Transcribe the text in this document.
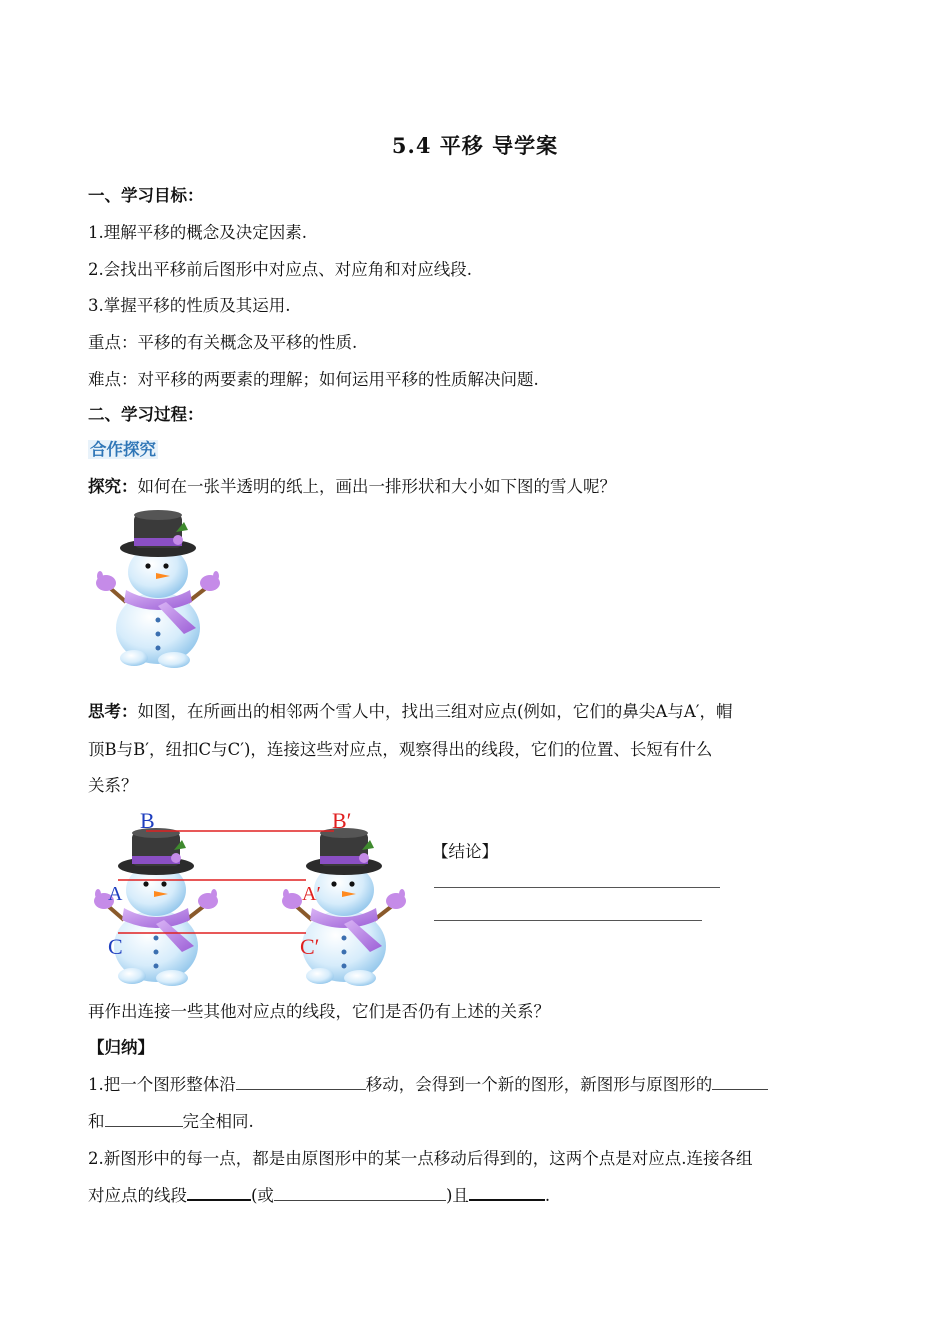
5.4 平移 导学案
一、学习目标：
1.理解平移的概念及决定因素.
2.会找出平移前后图形中对应点、对应角和对应线段.
3.掌握平移的性质及其运用.
重点：平移的有关概念及平移的性质.
难点：对平移的两要素的理解；如何运用平移的性质解决问题.
二、学习过程：
合作探究
探究：如何在一张半透明的纸上，画出一排形状和大小如下图的雪人呢？
思考：如图，在所画出的相邻两个雪人中，找出三组对应点(例如，它们的鼻尖A与A′，帽
顶B与B′，纽扣C与C′)，连接这些对应点，观察得出的线段，它们的位置、长短有什么
关系？
B	B′
A	A′
C	C′
【结论】
再作出连接一些其他对应点的线段，它们是否仍有上述的关系？
【归纳】
1.把一个图形整体沿	移动，会得到一个新的图形，新图形与原图形的
和	完全相同.
2.新图形中的每一点，都是由原图形中的某一点移动后得到的，这两个点是对应点.连接各组
对应点的线段	(或	)且	.
